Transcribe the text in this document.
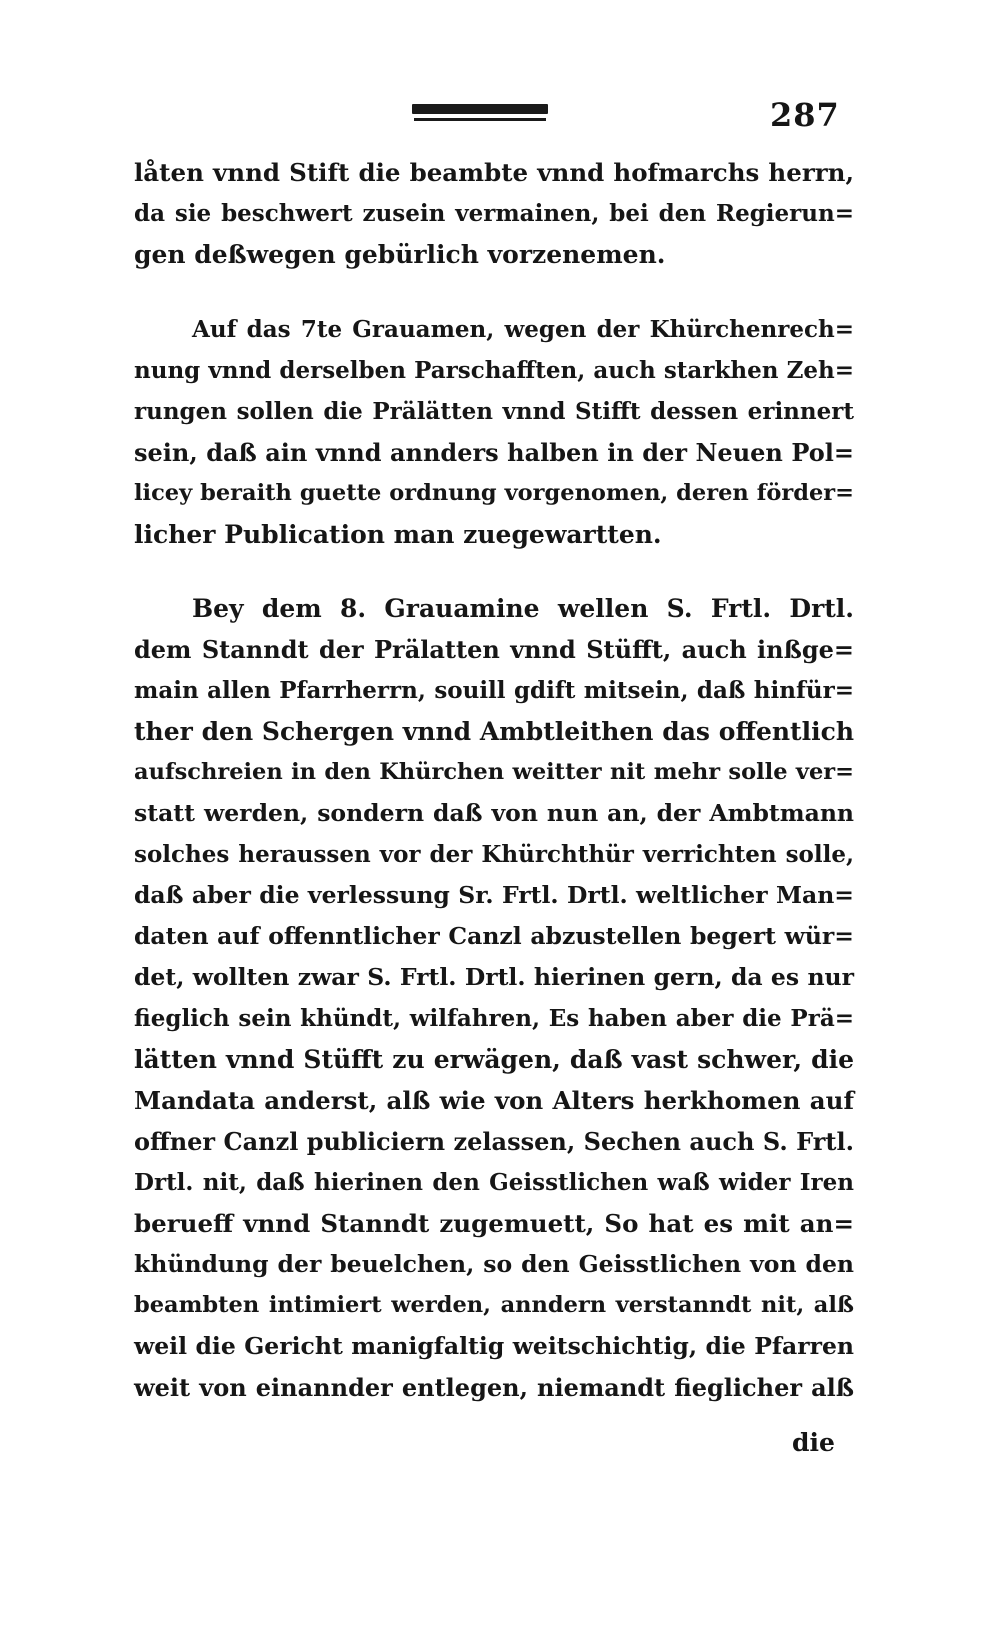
287
låten vnnd Stift die beambte vnnd hofmarchs herrn,
da sie beschwert zusein vermainen, bei den Regierun=
gen deßwegen gebürlich vorzenemen.
Auf das 7te Grauamen, wegen der Khürchenrech=
nung vnnd derselben Parschafften, auch starkhen Zeh=
rungen sollen die Prälätten vnnd Stifft dessen erinnert
sein, daß ain vnnd annders halben in der Neuen Pol=
licey beraith guette ordnung vorgenomen, deren förder=
licher Publication man zuegewartten.
Bey dem 8. Grauamine wellen S. Frtl. Drtl.
dem Stanndt der Prälatten vnnd Stüfft, auch inßge=
main allen Pfarrherrn, souill gdift mitsein, daß hinfür=
ther den Schergen vnnd Ambtleithen das offentlich
aufschreien in den Khürchen weitter nit mehr solle ver=
statt werden, sondern daß von nun an, der Ambtmann
solches heraussen vor der Khürchthür verrichten solle,
daß aber die verlessung Sr. Frtl. Drtl. weltlicher Man=
daten auf offenntlicher Canzl abzustellen begert wür=
det, wollten zwar S. Frtl. Drtl. hierinen gern, da es nur
fieglich sein khündt, wilfahren, Es haben aber die Prä=
lätten vnnd Stüfft zu erwägen, daß vast schwer, die
Mandata anderst, alß wie von Alters herkhomen auf
offner Canzl publiciern zelassen, Sechen auch S. Frtl.
Drtl. nit, daß hierinen den Geisstlichen waß wider Iren
berueff vnnd Stanndt zugemuett, So hat es mit an=
khündung der beuelchen, so den Geisstlichen von den
beambten intimiert werden, anndern verstanndt nit, alß
weil die Gericht manigfaltig weitschichtig, die Pfarren
weit von einannder entlegen, niemandt fieglicher alß
die
